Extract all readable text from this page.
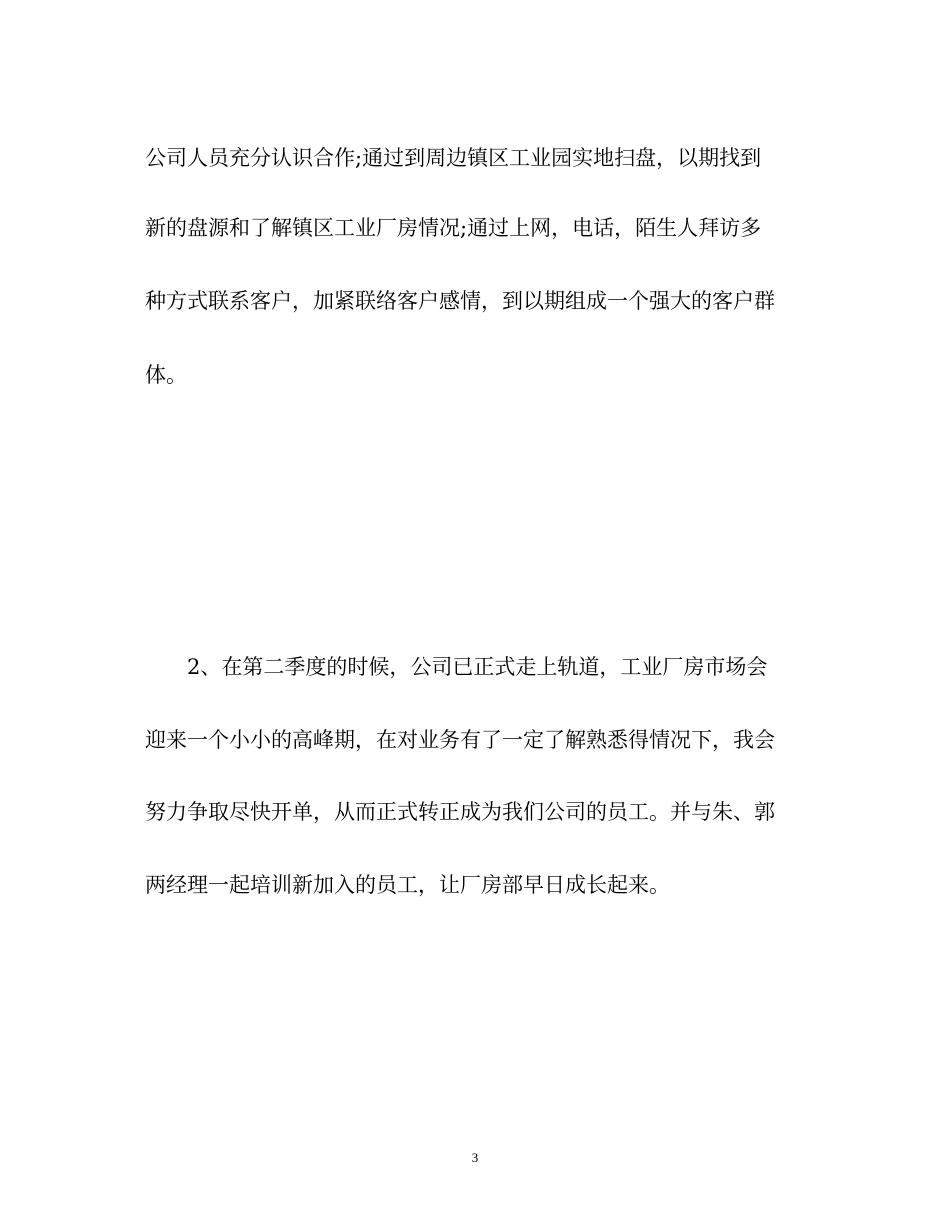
公司人员充分认识合作;通过到周边镇区工业园实地扫盘，以期找到
新的盘源和了解镇区工业厂房情况;通过上网，电话，陌生人拜访多
种方式联系客户，加紧联络客户感情，到以期组成一个强大的客户群
体。
2、在第二季度的时候，公司已正式走上轨道，工业厂房市场会
迎来一个小小的高峰期，在对业务有了一定了解熟悉得情况下，我会
努力争取尽快开单，从而正式转正成为我们公司的员工。并与朱、郭
两经理一起培训新加入的员工，让厂房部早日成长起来。
3
